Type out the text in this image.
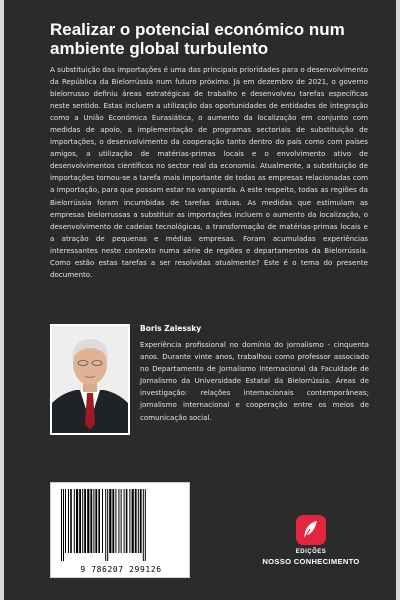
Realizar o potencial económico num ambiente global turbulento

A substituição das importações é uma das principais prioridades para o desenvolvimento da República da Bielorrússia num futuro próximo. Já em dezembro de 2021, o governo bielorrusso definiu áreas estratégicas de trabalho e desenvolveu tarefas específicas neste sentido. Estas incluem a utilização das oportunidades de entidades de integração como a União Económica Eurasiática, o aumento da localização em conjunto com medidas de apoio, a implementação de programas sectoriais de substituição de importações, o desenvolvimento da cooperação tanto dentro do país como com países amigos, a utilização de matérias-primas locais e o envolvimento ativo de desenvolvimentos científicos no sector real da economia. Atualmente, a substituição de importações tornou-se a tarefa mais importante de todas as empresas relacionadas com a importação, para que possam estar na vanguarda. A este respeito, todas as regiões da Bielorrússia foram incumbidas de tarefas árduas. As medidas que estimulam as empresas bielorrussas a substituir as importações incluem o aumento da localização, o desenvolvimento de cadeias tecnológicas, a transformação de matérias-primas locais e a atração de pequenas e médias empresas. Foram acumuladas experiências interessantes neste contexto numa série de regiões e departamentos da Bielorrússia. Como estão estas tarefas a ser resolvidas atualmente? Este é o tema do presente documento.

Boris Zalessky

Experiência profissional no domínio do jornalismo - cinquenta anos. Durante vinte anos, trabalhou como professor associado no Departamento de Jornalismo Internacional da Faculdade de Jornalismo da Universidade Estatal da Bielorrússia. Áreas de investigação: relações internacionais contemporâneas; jornalismo internacional e cooperação entre os meios de comunicação social.

9 786207 299126
EDIÇÕES
NOSSO CONHECIMENTO
